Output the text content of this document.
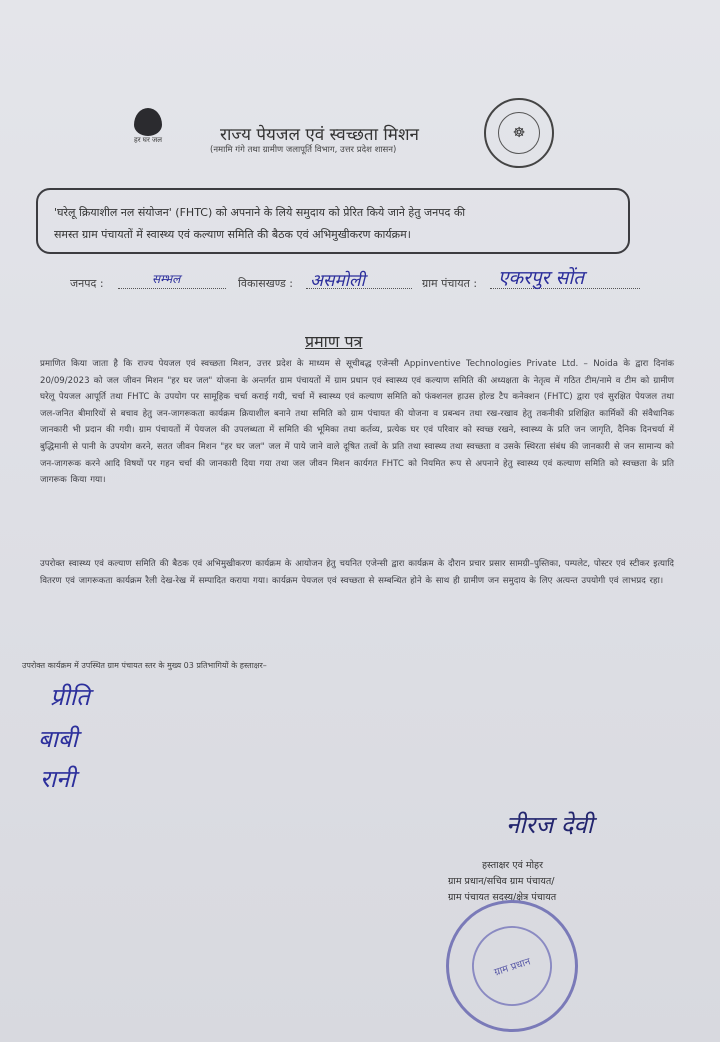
हर घर जल	राज्य पेयजल एवं स्वच्छता मिशन
(नमामि गंगे तथा ग्रामीण जलापूर्ति विभाग, उत्तर प्रदेश शासन)
☸
'घरेलू क्रियाशील नल संयोजन' (FHTC) को अपनाने के लिये समुदाय को प्रेरित किये जाने हेतु जनपद की
समस्त ग्राम पंचायतों में स्वास्थ्य एवं कल्याण समिति की बैठक एवं अभिमुखीकरण कार्यक्रम।
जनपद :	सम्भल	विकासखण्ड : असमोली	ग्राम पंचायत : एकरपुर सोंत
प्रमाण पत्र
प्रमाणित किया जाता है कि राज्य पेयजल एवं स्वच्छता मिशन, उत्तर प्रदेश के माध्यम से सूचीबद्ध एजेन्सी Appinventive Technologies Private Ltd. – Noida के द्वारा दिनांक 20/09/2023 को जल जीवन मिशन "हर घर जल" योजना के अन्तर्गत ग्राम पंचायतों में ग्राम प्रधान एवं स्वास्थ्य एवं कल्याण समिति की अध्यक्षता के नेतृत्व में गठित टीम/नामे व टीम को ग्रामीण घरेलू पेयजल आपूर्ति तथा FHTC के उपयोग पर सामूहिक चर्चा कराई गयी, चर्चा में स्वास्थ्य एवं कल्याण समिति को फंक्शनल हाउस होल्ड टैप कनेक्शन (FHTC) द्वारा एवं सुरक्षित पेयजल तथा जल-जनित बीमारियों से बचाव हेतु जन-जागरूकता कार्यक्रम क्रियाशील बनाने तथा समिति को ग्राम पंचायत की योजना व प्रबन्धन तथा रख-रखाव हेतु तकनीकी प्रशिक्षित कार्मिकों की संवैधानिक जानकारी भी प्रदान की गयी। ग्राम पंचायतों में पेयजल की उपलब्धता में समिति की भूमिका तथा कर्तव्य, प्रत्येक घर एवं परिवार को स्वच्छ रखने, स्वास्थ्य के प्रति जन जागृति, दैनिक दिनचर्या में बुद्धिमानी से पानी के उपयोग करने, सतत जीवन मिशन "हर घर जल" जल में पाये जाने वाले दूषित तत्वों के प्रति तथा स्वास्थ्य तथा स्वच्छता व उसके स्थिरता संबंध की जानकारी से जन सामान्य को जन-जागरूक करने आदि विषयों पर गहन चर्चा की जानकारी दिया गया तथा जल जीवन मिशन कार्यगत FHTC को नियमित रूप से अपनाने हेतु स्वास्थ्य एवं कल्याण समिति को स्वच्छता के प्रति जागरूक किया गया।
उपरोक्त स्वास्थ्य एवं कल्याण समिति की बैठक एवं अभिमुखीकरण कार्यक्रम के आयोजन हेतु चयनित एजेन्सी द्वारा कार्यक्रम के दौरान प्रचार प्रसार सामग्री–पुस्तिका, पम्पलेट, पोस्टर एवं स्टीकर इत्यादि वितरण एवं जागरूकता कार्यक्रम रैली देख-रेख में सम्पादित कराया गया। कार्यक्रम पेयजल एवं स्वच्छता से सम्बन्धित होने के साथ ही ग्रामीण जन समुदाय के लिए अत्यन्त उपयोगी एवं लाभप्रद रहा।
उपरोक्त कार्यक्रम में उपस्थित ग्राम पंचायत स्तर के मुख्य 03 प्रतिभागियों के हस्ताक्षर–
प्रीति
बाबी
रानी
नीरज देवी
हस्ताक्षर एवं मोहर
ग्राम प्रधान/सचिव ग्राम पंचायत/
ग्राम पंचायत सदस्य/क्षेत्र पंचायत
ग्राम प्रधान
